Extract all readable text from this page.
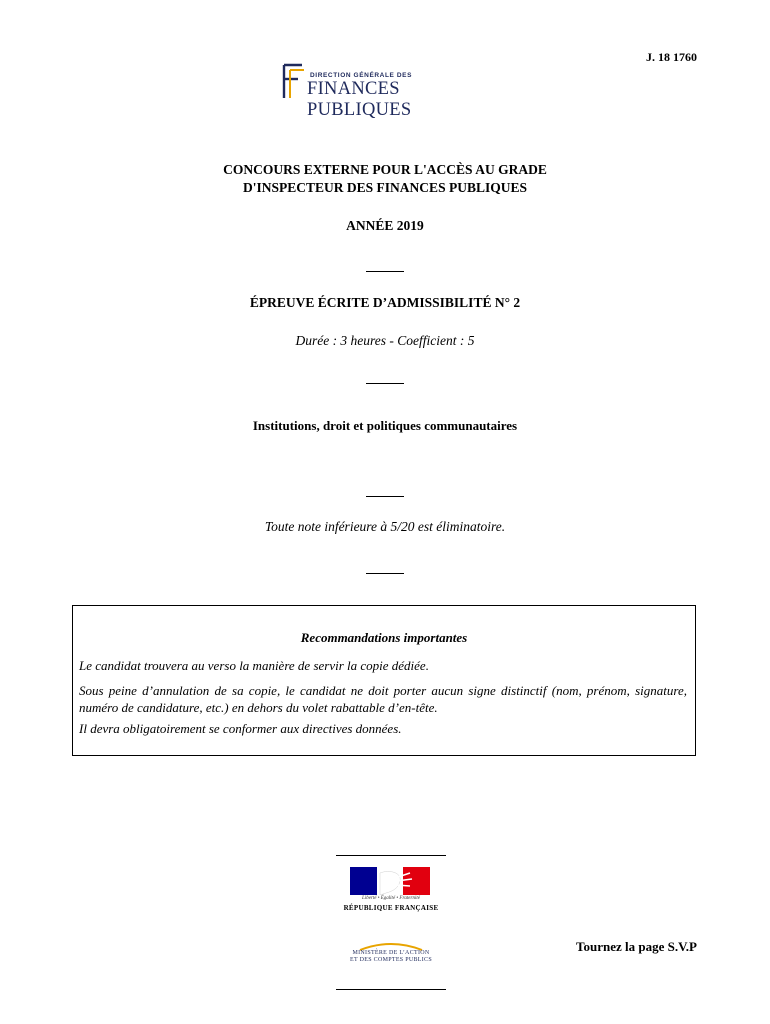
J. 18 1760
DIRECTION GÉNÉRALE DES
FINANCES PUBLIQUES
CONCOURS EXTERNE POUR L'ACCÈS AU GRADE
D'INSPECTEUR DES FINANCES PUBLIQUES
ANNÉE 2019
ÉPREUVE ÉCRITE D’ADMISSIBILITÉ N° 2
Durée : 3 heures - Coefficient : 5
Institutions, droit et politiques communautaires
Toute note inférieure à 5/20 est éliminatoire.
Recommandations importantes

Le candidat trouvera au verso la manière de servir la copie dédiée.

Sous peine d’annulation de sa copie, le candidat ne doit porter aucun signe distinctif (nom, prénom, signature, numéro de candidature, etc.) en dehors du volet rabattable d’en-tête.

Il devra obligatoirement se conformer aux directives données.

Liberté • Égalité • Fraternité
RÉPUBLIQUE FRANÇAISE
MINISTÈRE DE L’ACTION
ET DES COMPTES PUBLICS
Tournez la page S.V.P
